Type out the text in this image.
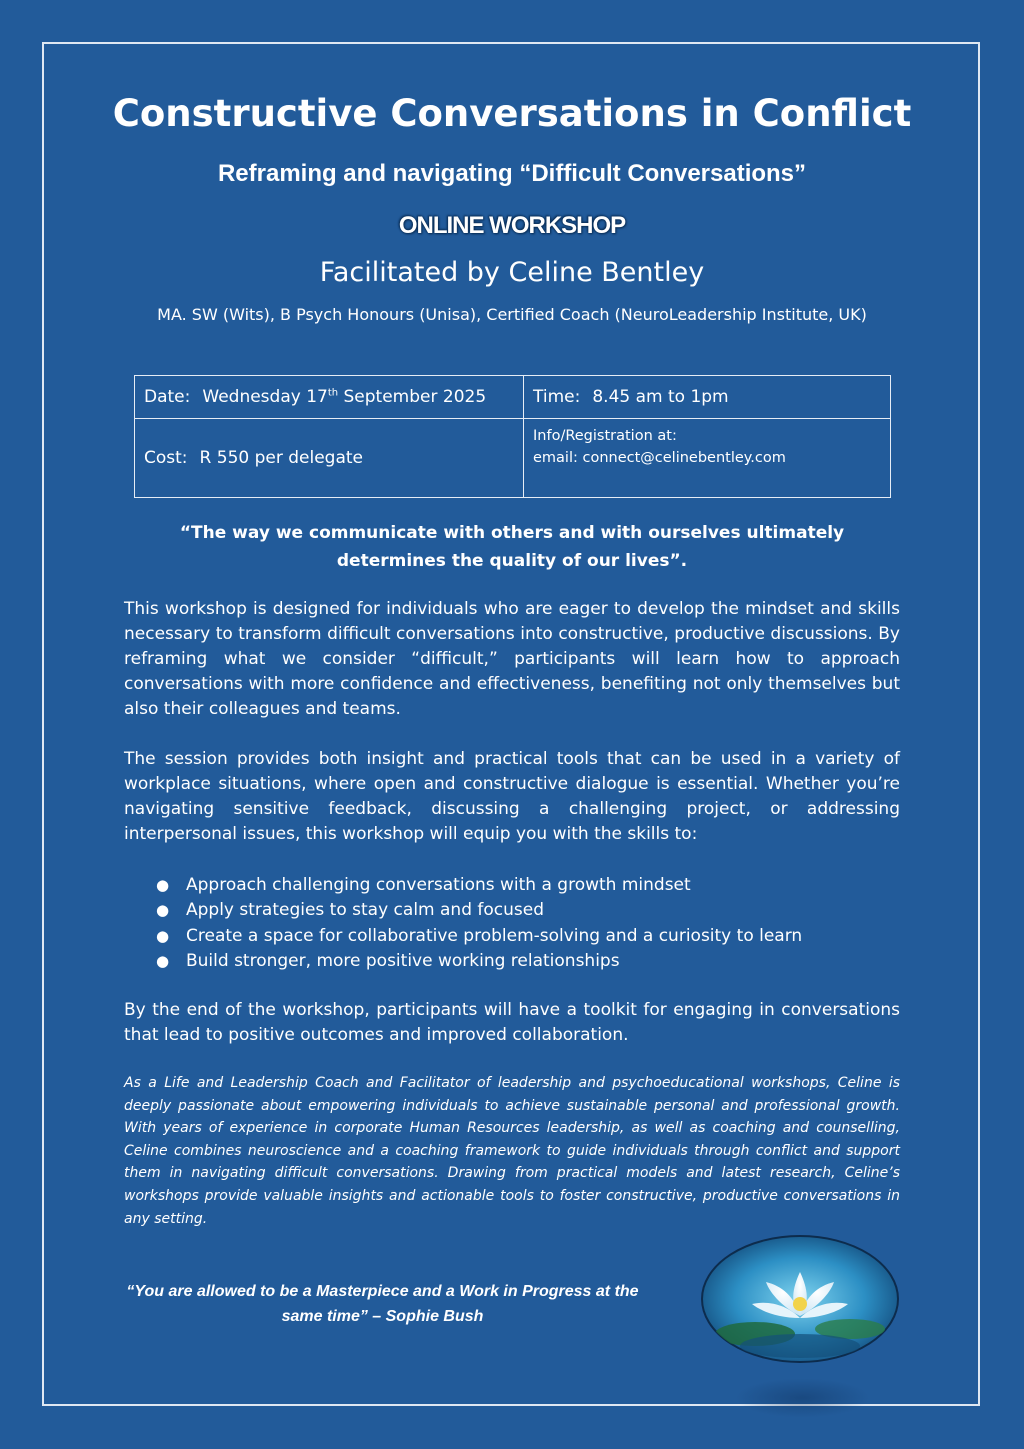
Constructive Conversations in Conflict
Reframing and navigating “Difficult Conversations”
ONLINE WORKSHOP
Facilitated by Celine Bentley
MA. SW (Wits), B Psych Honours (Unisa), Certified Coach (NeuroLeadership Institute, UK)
Date: Wednesday 17th September 2025	Time: 8.45 am to 1pm
Cost: R 550 per delegate	Info/Registration at:
email: connect@celinebentley.com
“The way we communicate with others and with ourselves ultimately determines the quality of our lives”.
This workshop is designed for individuals who are eager to develop the mindset and skills necessary to transform difficult conversations into constructive, productive discussions. By reframing what we consider “difficult,” participants will learn how to approach conversations with more confidence and effectiveness, benefiting not only themselves but also their colleagues and teams.
The session provides both insight and practical tools that can be used in a variety of workplace situations, where open and constructive dialogue is essential. Whether you’re navigating sensitive feedback, discussing a challenging project, or addressing interpersonal issues, this workshop will equip you with the skills to:
● Approach challenging conversations with a growth mindset
● Apply strategies to stay calm and focused
● Create a space for collaborative problem-solving and a curiosity to learn
● Build stronger, more positive working relationships
By the end of the workshop, participants will have a toolkit for engaging in conversations that lead to positive outcomes and improved collaboration.
As a Life and Leadership Coach and Facilitator of leadership and psychoeducational workshops, Celine is deeply passionate about empowering individuals to achieve sustainable personal and professional growth. With years of experience in corporate Human Resources leadership, as well as coaching and counselling, Celine combines neuroscience and a coaching framework to guide individuals through conflict and support them in navigating difficult conversations. Drawing from practical models and latest research, Celine’s workshops provide valuable insights and actionable tools to foster constructive, productive conversations in any setting.
“You are allowed to be a Masterpiece and a Work in Progress at the
same time” – Sophie Bush
